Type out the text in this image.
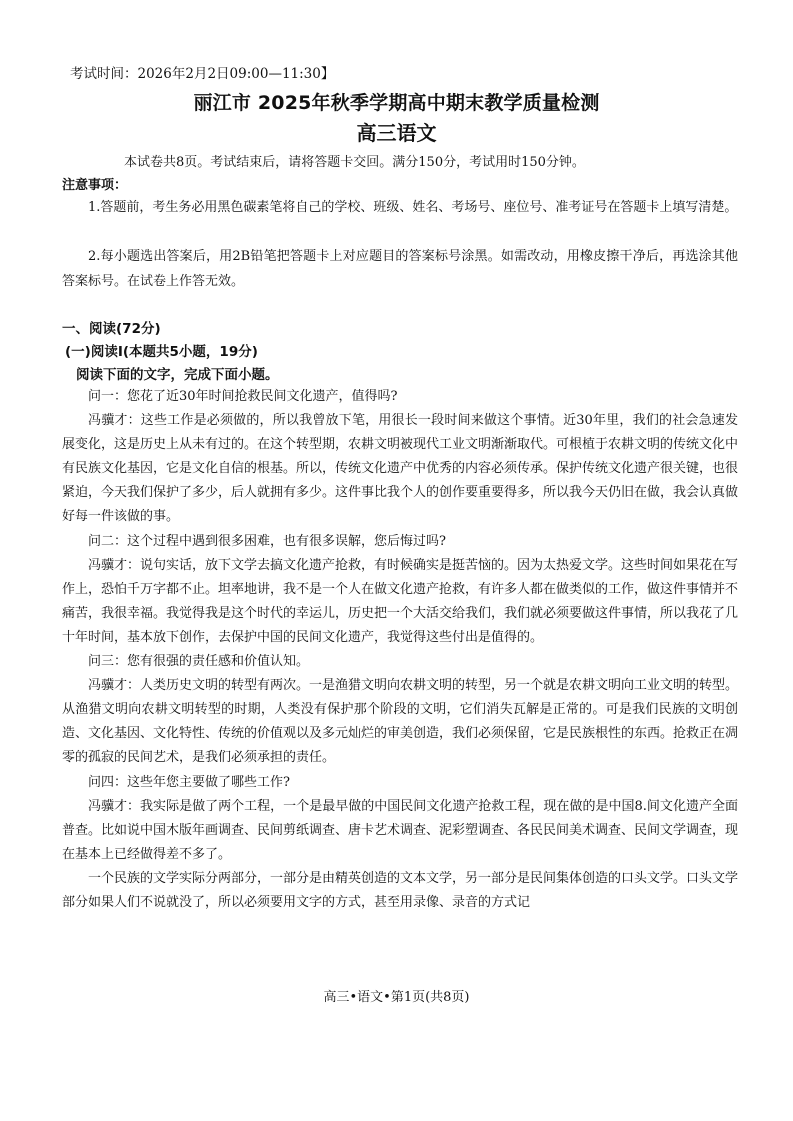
考试时间：2026年2月2日09:00—11:30】
丽江市 2025年秋季学期高中期末教学质量检测
高三语文
本试卷共8页。考试结束后，请将答题卡交回。满分150分，考试用时150分钟。
注意事项：
1.答题前，考生务必用黑色碳素笔将自己的学校、班级、姓名、考场号、座位号、准考证号在答题卡上填写清楚。
2.每小题选出答案后，用2B铅笔把答题卡上对应题目的答案标号涂黑。如需改动，用橡皮擦干净后，再选涂其他答案标号。在试卷上作答无效。
一、阅读(72分)
(一)阅读Ⅰ(本题共5小题，19分)
阅读下面的文字，完成下面小题。

问一：您花了近30年时间抢救民间文化遗产，值得吗?

冯骥才：这些工作是必须做的，所以我曾放下笔，用很长一段时间来做这个事情。近30年里，我们的社会急速发展变化，这是历史上从未有过的。在这个转型期，农耕文明被现代工业文明渐渐取代。可根植于农耕文明的传统文化中有民族文化基因，它是文化自信的根基。所以，传统文化遗产中优秀的内容必须传承。保护传统文化遗产很关键，也很紧迫，今天我们保护了多少，后人就拥有多少。这件事比我个人的创作要重要得多，所以我今天仍旧在做，我会认真做好每一件该做的事。

问二：这个过程中遇到很多困难，也有很多误解，您后悔过吗?

冯骥才：说句实话，放下文学去搞文化遗产抢救，有时候确实是挺苦恼的。因为太热爱文学。这些时间如果花在写作上，恐怕千万字都不止。坦率地讲，我不是一个人在做文化遗产抢救，有许多人都在做类似的工作，做这件事情并不痛苦，我很幸福。我觉得我是这个时代的幸运儿，历史把一个大活交给我们，我们就必须要做这件事情，所以我花了几十年时间，基本放下创作，去保护中国的民间文化遗产，我觉得这些付出是值得的。

问三：您有很强的责任感和价值认知。

冯骥才：人类历史文明的转型有两次。一是渔猎文明向农耕文明的转型，另一个就是农耕文明向工业文明的转型。从渔猎文明向农耕文明转型的时期，人类没有保护那个阶段的文明，它们消失瓦解是正常的。可是我们民族的文明创造、文化基因、文化特性、传统的价值观以及多元灿烂的审美创造，我们必须保留，它是民族根性的东西。抢救正在凋零的孤寂的民间艺术，是我们必须承担的责任。

问四：这些年您主要做了哪些工作?

冯骥才：我实际是做了两个工程，一个是最早做的中国民间文化遗产抢救工程，现在做的是中国8.间文化遗产全面普查。比如说中国木版年画调查、民间剪纸调查、唐卡艺术调查、泥彩塑调查、各民民间美术调查、民间文学调查，现在基本上已经做得差不多了。

一个民族的文学实际分两部分，一部分是由精英创造的文本文学，另一部分是民间集体创造的口头文学。口头文学部分如果人们不说就没了，所以必须要用文字的方式，甚至用录像、录音的方式记

高三•语文•第1页(共8页)
